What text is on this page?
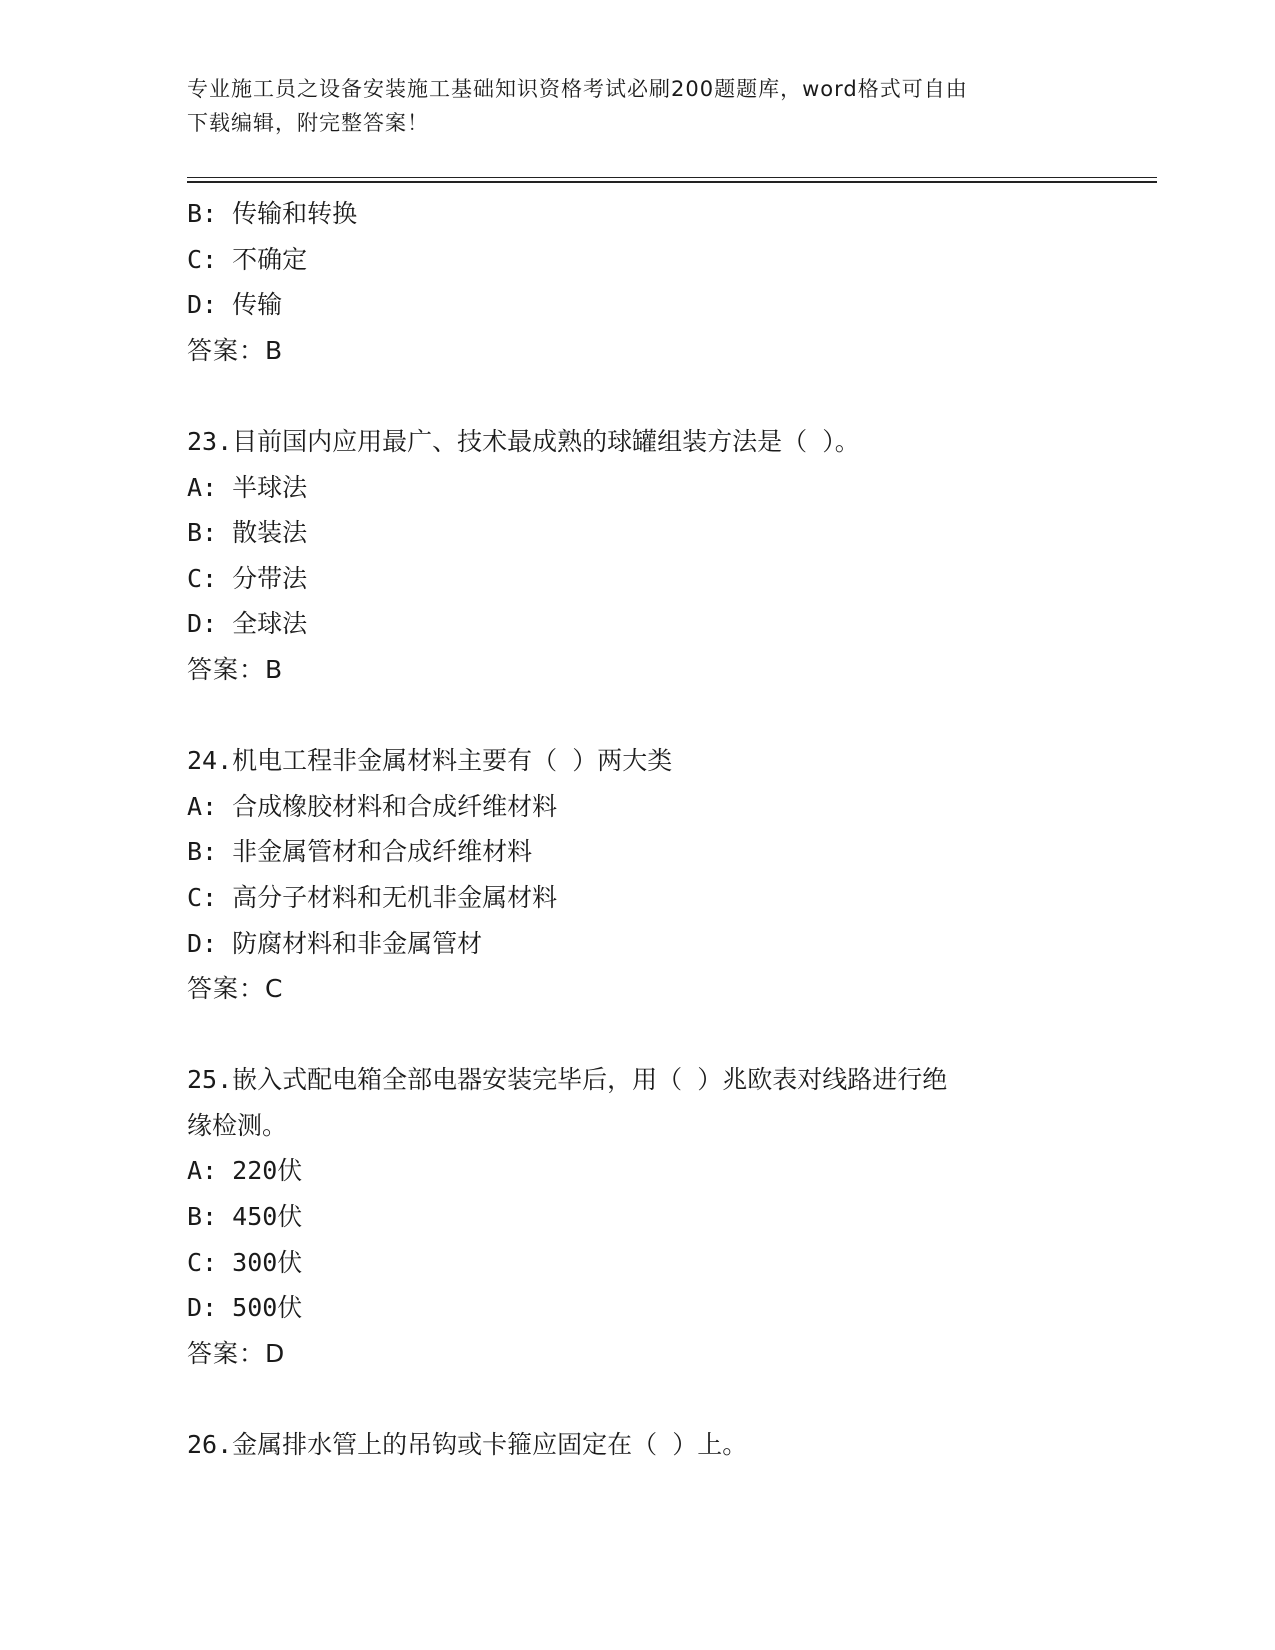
专业施工员之设备安装施工基础知识资格考试必刷200题题库，word格式可自由
下载编辑，附完整答案！
B: 传输和转换
C: 不确定
D: 传输
答案：B
23.目前国内应用最广、技术最成熟的球罐组装方法是（ ）。
A: 半球法
B: 散装法
C: 分带法
D: 全球法
答案：B
24.机电工程非金属材料主要有（ ）两大类
A: 合成橡胶材料和合成纤维材料
B: 非金属管材和合成纤维材料
C: 高分子材料和无机非金属材料
D: 防腐材料和非金属管材
答案：C
25.嵌入式配电箱全部电器安装完毕后，用（ ）兆欧表对线路进行绝
缘检测。
A: 220伏
B: 450伏
C: 300伏
D: 500伏
答案：D
26.金属排水管上的吊钩或卡箍应固定在（ ）上。
